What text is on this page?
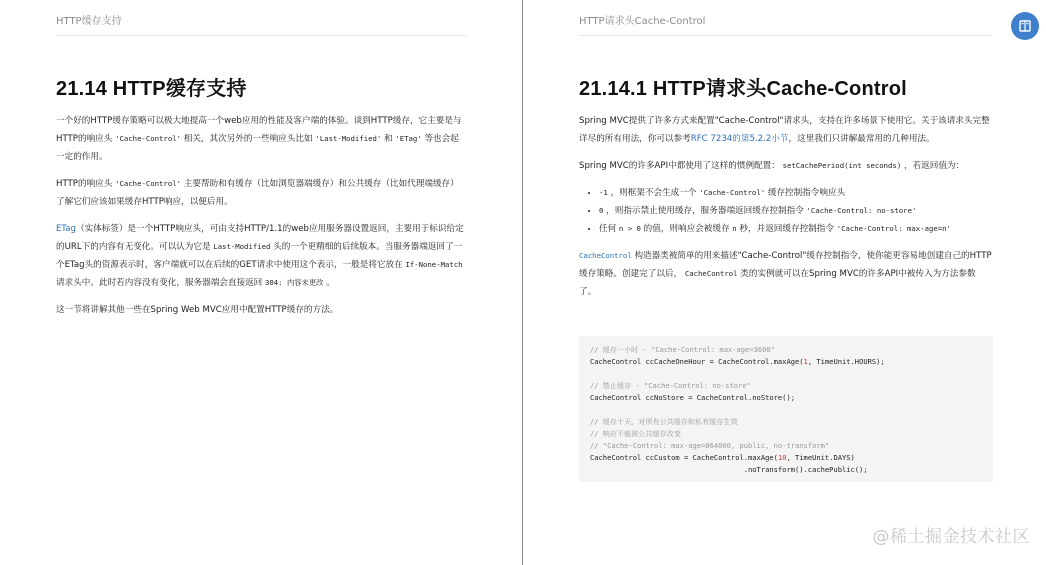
HTTP缓存支持
21.14 HTTP缓存支持

一个好的HTTP缓存策略可以极大地提高一个web应用的性能及客户端的体验。谈到HTTP缓存，它主要是与HTTP的响应头 'Cache-Control' 相关，其次另外的一些响应头比如 'Last-Modified' 和 'ETag' 等也会起一定的作用。

HTTP的响应头 'Cache-Control' 主要帮助和有缓存（比如浏览器端缓存）和公共缓存（比如代理端缓存）了解它们应该如果缓存HTTP响应，以便后用。

ETag（实体标签）是一个HTTP响应头，可由支持HTTP/1.1的web应用服务器设置返回，主要用于标识给定的URL下的内容有无变化。可以认为它是 Last-Modified 头的一个更精细的后续版本。当服务器端返回了一个ETag头的资源表示时，客户端就可以在后续的GET请求中使用这个表示，一般是将它放在 If-None-Match 请求头中。此时若内容没有变化，服务器端会直接返回 304: 内容未更改 。

这一节将讲解其他一些在Spring Web MVC应用中配置HTTP缓存的方法。

HTTP请求头Cache-Control
21.14.1 HTTP请求头Cache-Control

Spring MVC提供了许多方式来配置"Cache-Control"请求头，支持在许多场景下使用它。关于该请求头完整详尽的所有用法，你可以参考RFC 7234的第5.2.2小节，这里我们只讲解最常用的几种用法。

Spring MVC的许多API中都使用了这样的惯例配置： setCachePeriod(int seconds) ，若返回值为：

• -1 ，则框架不会生成一个 'Cache-Control' 缓存控制指令响应头
• 0 ，则指示禁止使用缓存，服务器端返回缓存控制指令 'Cache-Control: no-store'
• 任何 n > 0 的值，则响应会被缓存 n 秒，并返回缓存控制指令 'Cache-Control: max-age=n'

CacheControl 构造器类被简单的用来描述"Cache-Control"缓存控制指令，使你能更容易地创建自己的HTTP缓存策略。创建完了以后， CacheControl 类的实例就可以在Spring MVC的许多API中被传入为方法参数了。

// 缓存一小时 - "Cache-Control: max-age=3600"
CacheControl ccCacheOneHour = CacheControl.maxAge(1, TimeUnit.HOURS);
// 禁止缓存 - "Cache-Control: no-store"
CacheControl ccNoStore = CacheControl.noStore();
// 缓存十天，对所有公共缓存和私有缓存生效
// 响应不能被公共缓存改变
// "Cache-Control: max-age=864000, public, no-transform"
CacheControl ccCustom = CacheControl.maxAge(10, TimeUnit.DAYS)
.noTransform().cachePublic();
@稀土掘金技术社区
